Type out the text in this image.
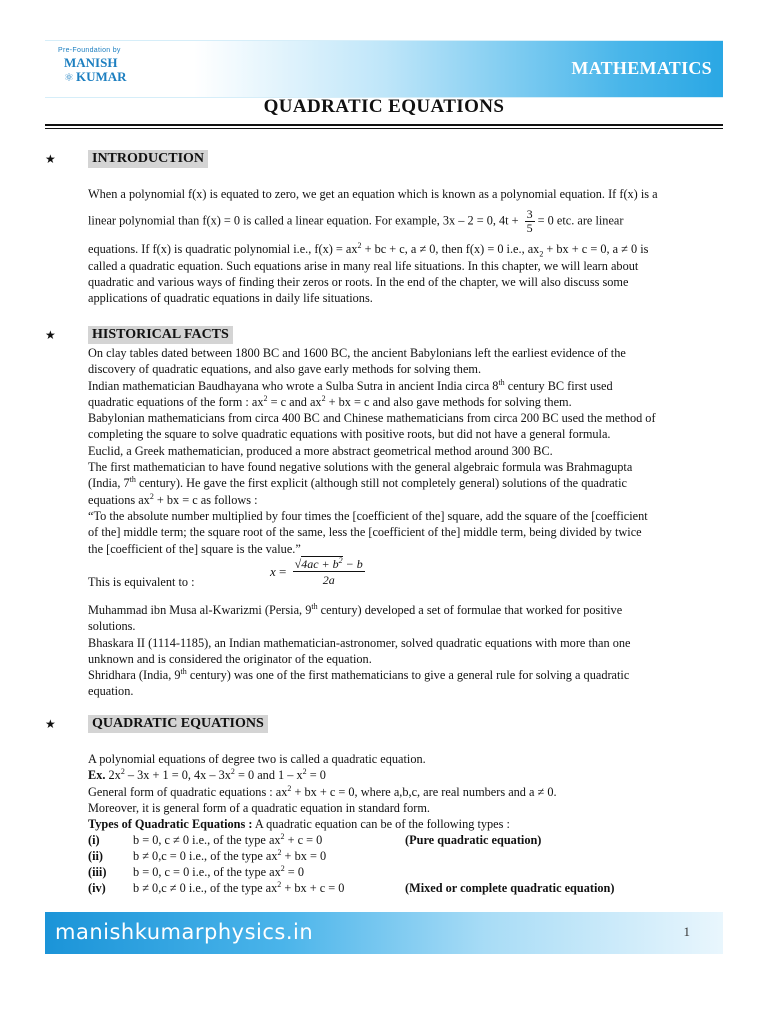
Pre-Foundation by
MANISH
⚛ KUMAR	MATHEMATICS
QUADRATIC EQUATIONS
★	INTRODUCTION
When a polynomial f(x) is equated to zero, we get an equation which is known as a polynomial equation. If f(x) is a
linear polynomial than f(x) = 0 is called a linear equation. For example, 3x – 2 = 0, $4t + \frac{3}{5} = 0$ etc. are linear
equations. If f(x) is quadratic polynomial i.e., $f(x) = ax^2$ + bc + c, a ≠ 0, then f(x) = 0 i.e., $ax_2$ + bx + c = 0, a ≠ 0 is
called a quadratic equation. Such equations arise in many real life situations. In this chapter, we will learn about
quadratic and various ways of finding their zeros or roots. In the end of the chapter, we will also discuss some
applications of quadratic equations in daily life situations.
★	HISTORICAL FACTS
On clay tables dated between 1800 BC and 1600 BC, the ancient Babylonians left the earliest evidence of the
discovery of quadratic equations, and also gave early methods for solving them.
Indian mathematician Baudhayana who wrote a Sulba Sutra in ancient India circa 8th century BC first used
quadratic equations of the form : $ax^2 = c$ and $ax^2$ + bx = c and also gave methods for solving them.
Babylonian mathematicians from circa 400 BC and Chinese mathematicians from circa 200 BC used the method of
completing the square to solve quadratic equations with positive roots, but did not have a general formula.
Euclid, a Greek mathematician, produced a more abstract geometrical method around 300 BC.
The first mathematician to have found negative solutions with the general algebraic formula was Brahmagupta
(India, 7th century). He gave the first explicit (although still not completely general) solutions of the quadratic
equations $ax^2$ + bx = c as follows :
“To the absolute number multiplied by four times the [coefficient of the] square, add the square of the [coefficient
of the] middle term; the square root of the same, less the [coefficient of the] middle term, being divided by twice
the [coefficient of the] square is the value.”
This is equivalent to :
$x = \frac{√4ac + b^2 - b}{2a}$
Muhammad ibn Musa al-Kwarizmi (Persia, 9th century) developed a set of formulae that worked for positive
solutions.
Bhaskara II (1114-1185), an Indian mathematician-astronomer, solved quadratic equations with more than one
unknown and is considered the originator of the equation.
Shridhara (India, 9th century) was one of the first mathematicians to give a general rule for solving a quadratic
equation.
★	QUADRATIC EQUATIONS
A polynomial equations of degree two is called a quadratic equation.
Ex. $2x^2 - 3x + 1 = 0$, $4x - 3x^2 = 0$ and $1 - x^2 = 0$
General form of quadratic equations : $ax^2$ + bx + c = 0, where a,b,c, are real numbers and a ≠ 0.
Moreover, it is general form of a quadratic equation in standard form.
Types of Quadratic Equations : A quadratic equation can be of the following types :
(i)	b = 0, c ≠ 0 i.e., of the type $ax^2 + c = 0$	(Pure quadratic equation)
(ii) b ≠ 0,c = 0 i.e., of the type $ax^2$ + bx = 0
(iii) b = 0, c = 0 i.e., of the type $ax^2 = 0$
(iv) b ≠ 0,c ≠ 0 i.e., of the type $ax^2$ + bx + c = 0	(Mixed or complete quadratic equation)
manishkumarphysics.in	1
